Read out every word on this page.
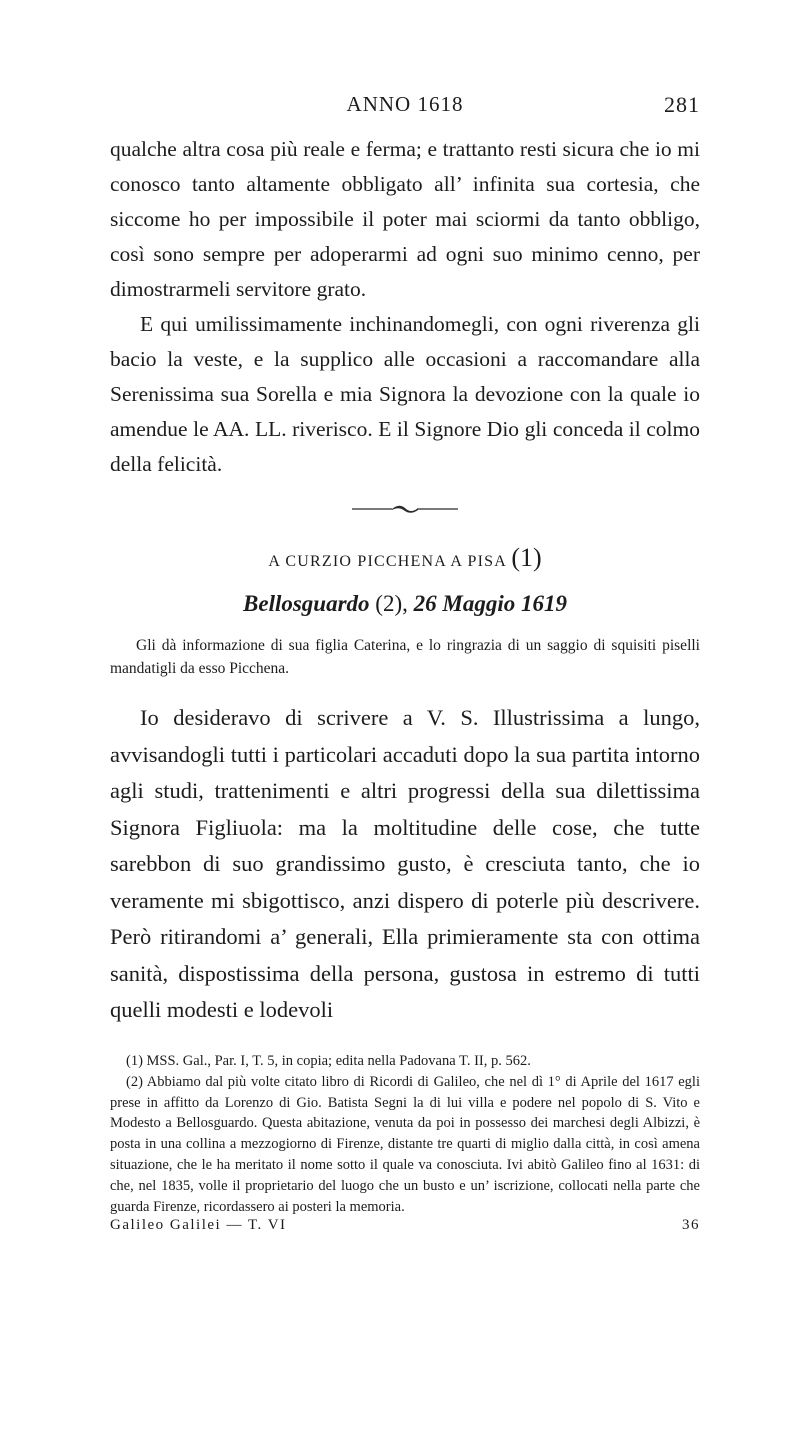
ANNO 1618	281

qualche altra cosa più reale e ferma; e trattanto resti sicura che io mi conosco tanto altamente obbligato all’ infinita sua cortesia, che siccome ho per impossibile il poter mai sciormi da tanto obbligo, così sono sempre per adoperarmi ad ogni suo minimo cenno, per dimostrarmeli servitore grato.

E qui umilissimamente inchinandomegli, con ogni riverenza gli bacio la veste, e la supplico alle occasioni a raccomandare alla Serenissima sua Sorella e mia Signora la devozione con la quale io amendue le AA. LL. riverisco. E il Signore Dio gli conceda il colmo della felicità.

A CURZIO PICCHENA A PISA (1)
Bellosguardo (2), 26 Maggio 1619

Gli dà informazione di sua figlia Caterina, e lo ringrazia di un saggio di squisiti piselli mandatigli da esso Picchena.

Io desideravo di scrivere a V. S. Illustrissima a lungo, avvisandogli tutti i particolari accaduti dopo la sua partita intorno agli studi, trattenimenti e altri progressi della sua dilettissima Signora Figliuola: ma la moltitudine delle cose, che tutte sarebbon di suo grandissimo gusto, è cresciuta tanto, che io veramente mi sbigottisco, anzi dispero di poterle più descrivere. Però ritirandomi a’ generali, Ella primieramente sta con ottima sanità, dispostissima della persona, gustosa in estremo di tutti quelli modesti e lodevoli

(1) MSS. Gal., Par. I, T. 5, in copia; edita nella Padovana T. II, p. 562.

(2) Abbiamo dal più volte citato libro di Ricordi di Galileo, che nel dì 1° di Aprile del 1617 egli prese in affitto da Lorenzo di Gio. Batista Segni la di lui villa e podere nel popolo di S. Vito e Modesto a Bellosguardo. Questa abitazione, venuta da poi in possesso dei marchesi degli Albizzi, è posta in una collina a mezzogiorno di Firenze, distante tre quarti di miglio dalla città, in così amena situazione, che le ha meritato il nome sotto il quale va conosciuta. Ivi abitò Galileo fino al 1631: di che, nel 1835, volle il proprietario del luogo che un busto e un’ iscrizione, collocati nella parte che guarda Firenze, ricordassero ai posteri la memoria.

Galileo Galilei — T. VI	36
